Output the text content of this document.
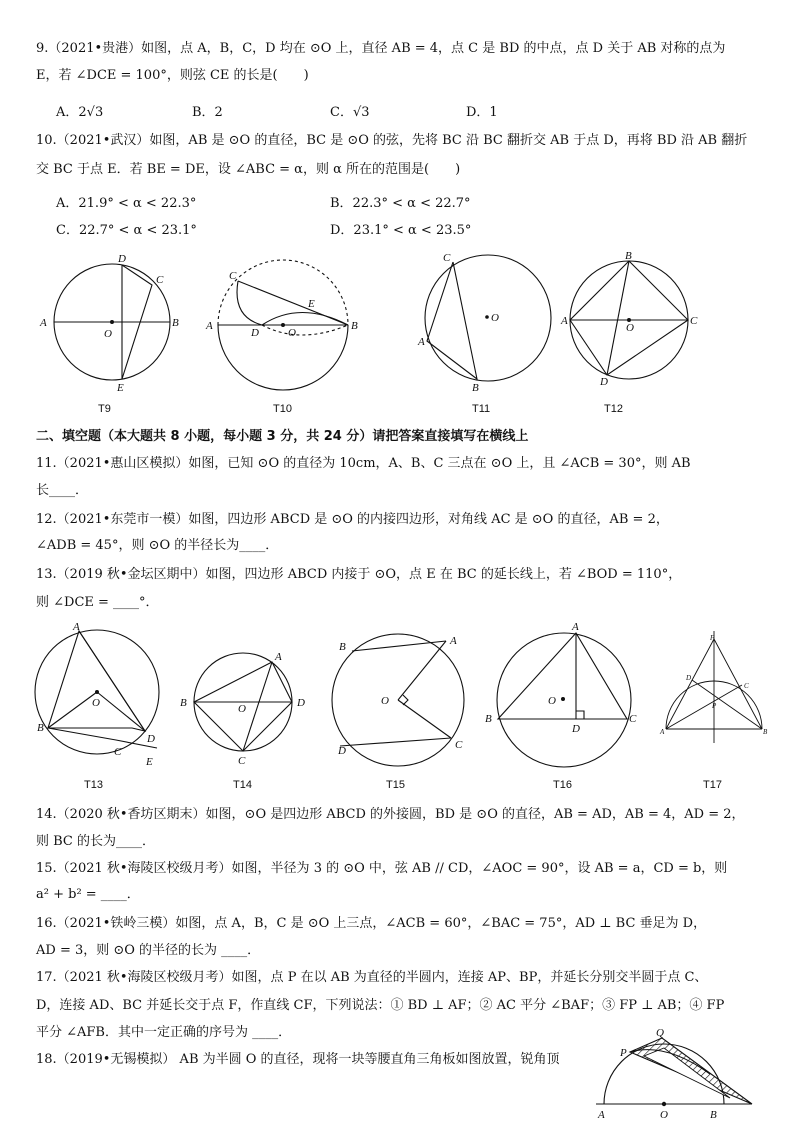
9.（2021•贵港）如图，点 A，B，C，D 均在 ⊙O 上，直径 AB = 4，点 C 是 BD 的中点，点 D 关于 AB 对称的点为
E，若 ∠DCE = 100°，则弦 CE 的长是(　　)
A．2√3	B．2	C．√3	D．1
10.（2021•武汉）如图，AB 是 ⊙O 的直径，BC 是 ⊙O 的弦，先将 BC 沿 BC 翻折交 AB 于点 D，再将 BD 沿 AB 翻折
交 BC 于点 E．若 BE = DE，设 ∠ABC = α，则 α 所在的范围是(　　)
A．21.9° < α < 22.3°	B．22.3° < α < 22.7°
C．22.7° < α < 23.1°	D．23.1° < α < 23.5°
A	B
C
D
E
O
A	B
C
D
E
O
C
A
B
O
B
A	C
D
O
T9	T10	T11	T12
二、填空题（本大题共 8 小题，每小题 3 分，共 24 分）请把答案直接填写在横线上
11.（2021•惠山区模拟）如图，已知 ⊙O 的直径为 10cm，A、B、C 三点在 ⊙O 上，且 ∠ACB = 30°，则 AB
长____．
12.（2021•东莞市一模）如图，四边形 ABCD 是 ⊙O 的内接四边形，对角线 AC 是 ⊙O 的直径，AB = 2，
∠ADB = 45°，则 ⊙O 的半径长为____．
13.（2019 秋•金坛区期中）如图，四边形 ABCD 内接于 ⊙O，点 E 在 BC 的延长线上，若 ∠BOD = 110°，
则 ∠DCE = ____°．
A
B
C
D
E
O
A
B	D
C
O
B	A
D	C
O
A
B	C
D
O
F
D
C
P
A	B
T13	T14	T15	T16	T17
14.（2020 秋•香坊区期末）如图，⊙O 是四边形 ABCD 的外接圆，BD 是 ⊙O 的直径，AB = AD，AB = 4，AD = 2，
则 BC 的长为____．
15.（2021 秋•海陵区校级月考）如图，半径为 3 的 ⊙O 中，弦 AB // CD，∠AOC = 90°，设 AB = a，CD = b，则
a² + b² = ____．
16.（2021•铁岭三模）如图，点 A，B，C 是 ⊙O 上三点，∠ACB = 60°，∠BAC = 75°，AD ⊥ BC 垂足为 D，
AD = 3，则 ⊙O 的半径的长为 ____．
17.（2021 秋•海陵区校级月考）如图，点 P 在以 AB 为直径的半圆内，连接 AP、BP，并延长分别交半圆于点 C、
D，连接 AD、BC 并延长交于点 F，作直线 CF，下列说法：① BD ⊥ AF；② AC 平分 ∠BAF；③ FP ⊥ AB；④ FP
平分 ∠AFB．其中一定正确的序号为 ____．
18.（2019•无锡模拟） AB 为半圆 O 的直径，现将一块等腰直角三角板如图放置，锐角顶
Q
P
A	O	B
